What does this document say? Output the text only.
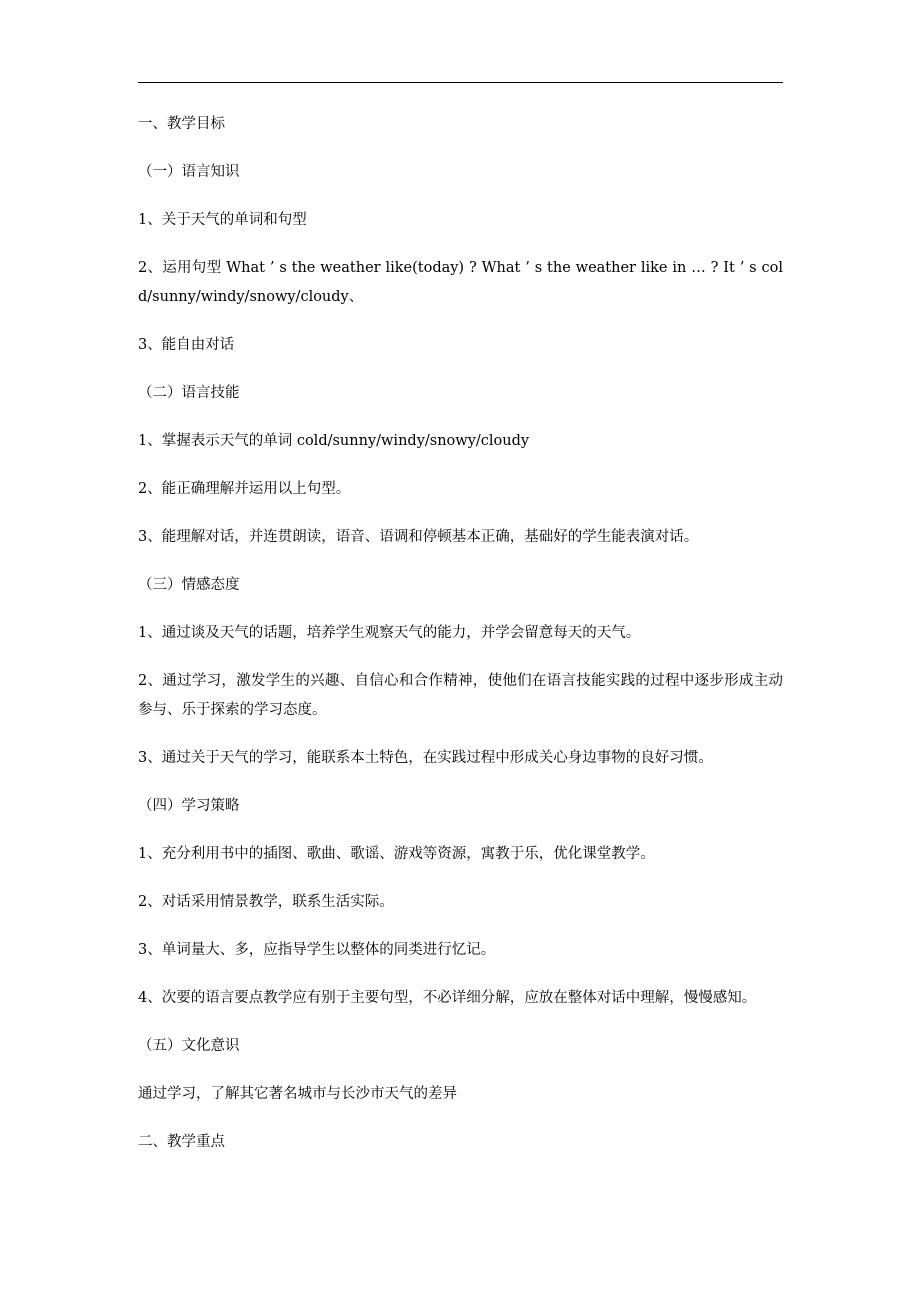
一、教学目标

（一）语言知识

1、关于天气的单词和句型

2、运用句型 What ’ s the weather like(today) ? What ’ s the weather like in … ? It ’ s cold/sunny/windy/snowy/cloudy、

3、能自由对话

（二）语言技能

1、掌握表示天气的单词 cold/sunny/windy/snowy/cloudy

2、能正确理解并运用以上句型。

3、能理解对话，并连贯朗读，语音、语调和停顿基本正确，基础好的学生能表演对话。

（三）情感态度

1、通过谈及天气的话题，培养学生观察天气的能力，并学会留意每天的天气。

2、通过学习，激发学生的兴趣、自信心和合作精神，使他们在语言技能实践的过程中逐步形成主动参与、乐于探索的学习态度。

3、通过关于天气的学习，能联系本土特色，在实践过程中形成关心身边事物的良好习惯。

（四）学习策略

1、充分利用书中的插图、歌曲、歌谣、游戏等资源，寓教于乐，优化课堂教学。

2、对话采用情景教学，联系生活实际。

3、单词量大、多，应指导学生以整体的同类进行忆记。

4、次要的语言要点教学应有别于主要句型，不必详细分解，应放在整体对话中理解，慢慢感知。

（五）文化意识

通过学习，了解其它著名城市与长沙市天气的差异

二、教学重点
